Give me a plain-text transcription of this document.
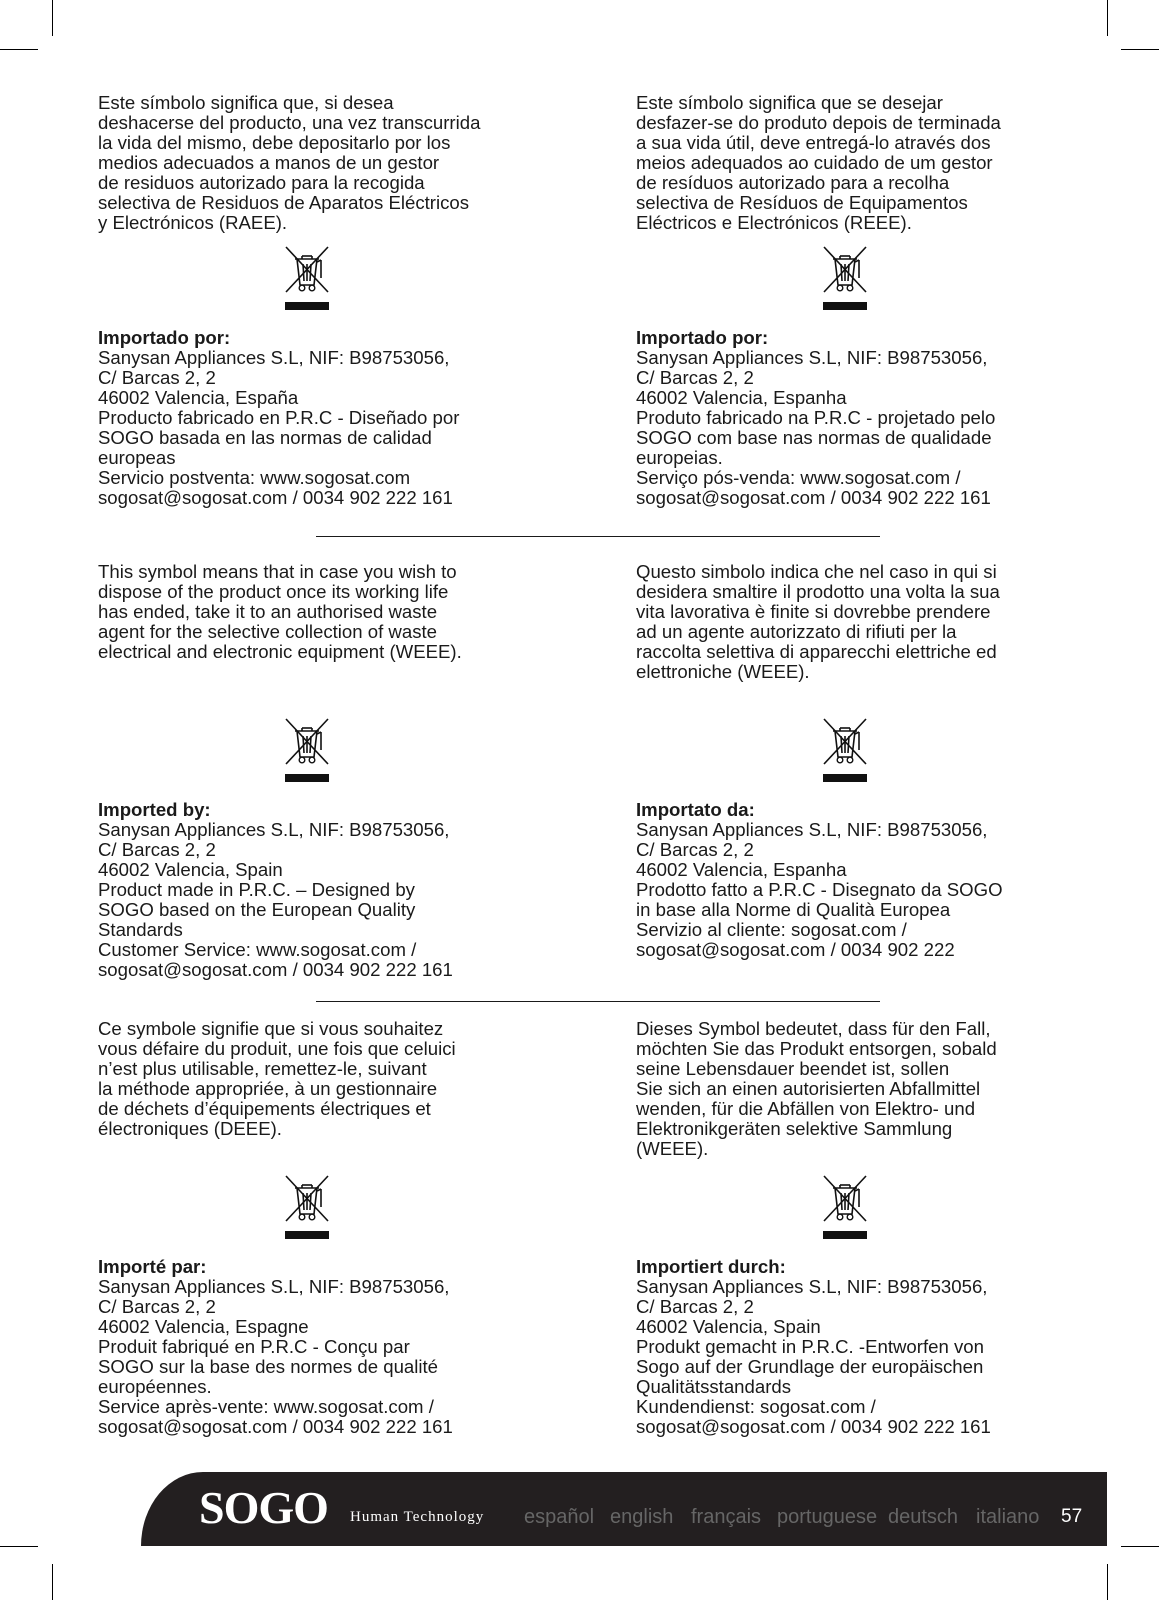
Este símbolo significa que, si desea
deshacerse del producto, una vez transcurrida
la vida del mismo, debe depositarlo por los
medios adecuados a manos de un gestor
de residuos autorizado para la recogida
selectiva de Residuos de Aparatos Eléctricos
y Electrónicos (RAEE).

Importado por:

Sanysan Appliances S.L, NIF: B98753056,
C/ Barcas 2, 2
46002 Valencia, España
Producto fabricado en P.R.C - Diseñado por
SOGO basada en las normas de calidad
europeas
Servicio postventa: www.sogosat.com
sogosat@sogosat.com / 0034 902 222 161

Este símbolo significa que se desejar
desfazer-se do produto depois de terminada
a sua vida útil, deve entregá-lo através dos
meios adequados ao cuidado de um gestor
de resíduos autorizado para a recolha
selectiva de Resíduos de Equipamentos
Eléctricos e Electrónicos (REEE).

Importado por:

Sanysan Appliances S.L, NIF: B98753056,
C/ Barcas 2, 2
46002 Valencia, Espanha
Produto fabricado na P.R.C - projetado pelo
SOGO com base nas normas de qualidade
europeias.
Serviço pós-venda: www.sogosat.com /
sogosat@sogosat.com / 0034 902 222 161

This symbol means that in case you wish to
dispose of the product once its working life
has ended, take it to an authorised waste
agent for the selective collection of waste
electrical and electronic equipment (WEEE).

Imported by:

Sanysan Appliances S.L, NIF: B98753056,
C/ Barcas 2, 2
46002 Valencia, Spain
Product made in P.R.C. – Designed by
SOGO based on the European Quality
Standards
Customer Service: www.sogosat.com /
sogosat@sogosat.com / 0034 902 222 161

Questo simbolo indica che nel caso in qui si
desidera smaltire il prodotto una volta la sua
vita lavorativa è finite si dovrebbe prendere
ad un agente autorizzato di rifiuti per la
raccolta selettiva di apparecchi elettriche ed
elettroniche (WEEE).

Importato da:

Sanysan Appliances S.L, NIF: B98753056,
C/ Barcas 2, 2
46002 Valencia, Espanha
Prodotto fatto a P.R.C - Disegnato da SOGO
in base alla Norme di Qualità Europea
Servizio al cliente: sogosat.com /
sogosat@sogosat.com / 0034 902 222

Ce symbole signifie que si vous souhaitez
vous défaire du produit, une fois que celuici
n’est plus utilisable, remettez-le, suivant
la méthode appropriée, à un gestionnaire
de déchets d’équipements électriques et
électroniques (DEEE).

Importé par:

Sanysan Appliances S.L, NIF: B98753056,
C/ Barcas 2, 2
46002 Valencia, Espagne
Produit fabriqué en P.R.C - Conçu par
SOGO sur la base des normes de qualité
européennes.
Service après-vente: www.sogosat.com /
sogosat@sogosat.com / 0034 902 222 161

Dieses Symbol bedeutet, dass für den Fall,
möchten Sie das Produkt entsorgen, sobald
seine Lebensdauer beendet ist, sollen
Sie sich an einen autorisierten Abfallmittel
wenden, für die Abfällen von Elektro- und
Elektronikgeräten selektive Sammlung
(WEEE).

Importiert durch:

Sanysan Appliances S.L, NIF: B98753056,
C/ Barcas 2, 2
46002 Valencia, Spain
Produkt gemacht in P.R.C. -Entworfen von
Sogo auf der Grundlage der europäischen
Qualitätsstandards
Kundendienst: sogosat.com /
sogosat@sogosat.com / 0034 902 222 161

SOGO Human Technology español english français portuguese deutsch italiano 57
